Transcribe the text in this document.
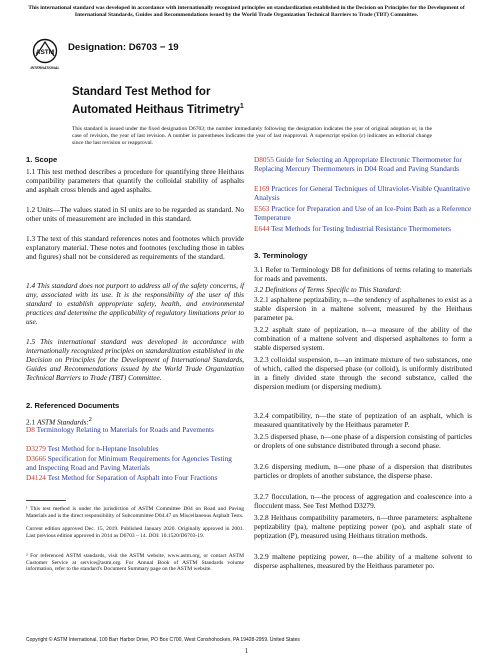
This international standard was developed in accordance with internationally recognized principles on standardization established in the Decision on Principles for the Development of International Standards, Guides and Recommendations issued by the World Trade Organization Technical Barriers to Trade (TBT) Committee.
ASTM
INTERNATIONAL
Designation: D6703 − 19
Standard Test Method for
Automated Heithaus Titrimetry$^1$
This standard is issued under the fixed designation D6703; the number immediately following the designation indicates the year of original adoption or, in the case of revision, the year of last revision. A number in parentheses indicates the year of last reapproval. A superscript epsilon (ε) indicates an editorial change since the last revision or reapproval.
1. Scope
1.1 This test method describes a procedure for quantifying three Heithaus compatibility parameters that quantify the colloidal stability of asphalts and asphalt cross blends and aged asphalts.
1.2 Units—The values stated in SI units are to be regarded as standard. No other units of measurement are included in this standard.
1.3 The text of this standard references notes and footnotes which provide explanatory material. These notes and footnotes (excluding those in tables and figures) shall not be considered as requirements of the standard.
1.4 This standard does not purport to address all of the safety concerns, if any, associated with its use. It is the responsibility of the user of this standard to establish appropriate safety, health, and environmental practices and determine the applicability of regulatory limitations prior to use.
1.5 This international standard was developed in accordance with internationally recognized principles on standardization established in the Decision on Principles for the Development of International Standards, Guides and Recommendations issued by the World Trade Organization Technical Barriers to Trade (TBT) Committee.
2. Referenced Documents
2.1 ASTM Standards:$^2$
D8 Terminology Relating to Materials for Roads and Pavements
D3279 Test Method for n-Heptane Insolubles
D3666 Specification for Minimum Requirements for Agencies Testing and Inspecting Road and Paving Materials
D4124 Test Method for Separation of Asphalt into Four Fractions
¹ This test method is under the jurisdiction of ASTM Committee D04 on Road and Paving Materials and is the direct responsibility of Subcommittee D04.47 on Miscellaneous Asphalt Tests.
Current edition approved Dec. 15, 2019. Published January 2020. Originally approved in 2001. Last previous edition approved in 2014 as D6703 – 14. DOI: 10.1520/D6703-19.
² For referenced ASTM standards, visit the ASTM website, www.astm.org, or contact ASTM Customer Service at service@astm.org. For Annual Book of ASTM Standards volume information, refer to the standard's Document Summary page on the ASTM website.
D8055 Guide for Selecting an Appropriate Electronic Thermometer for Replacing Mercury Thermometers in D04 Road and Paving Standards
E169 Practices for General Techniques of Ultraviolet-Visible Quantitative Analysis
E563 Practice for Preparation and Use of an Ice-Point Bath as a Reference Temperature
E644 Test Methods for Testing Industrial Resistance Thermometers
3. Terminology
3.1 Refer to Terminology D8 for definitions of terms relating to materials for roads and pavements.
3.2 Definitions of Terms Specific to This Standard:
3.2.1 asphaltene peptizability, n—the tendency of asphaltenes to exist as a stable dispersion in a maltene solvent, measured by the Heithaus parameter pa.
3.2.2 asphalt state of peptization, n—a measure of the ability of the combination of a maltene solvent and dispersed asphaltenes to form a stable dispersed system.
3.2.3 colloidal suspension, n—an intimate mixture of two substances, one of which, called the dispersed phase (or colloid), is uniformly distributed in a finely divided state through the second substance, called the dispersion medium (or dispersing medium).
3.2.4 compatibility, n—the state of peptization of an asphalt, which is measured quantitatively by the Heithaus parameter P.
3.2.5 dispersed phase, n—one phase of a dispersion consisting of particles or droplets of one substance distributed through a second phase.
3.2.6 dispersing medium, n—one phase of a dispersion that distributes particles or droplets of another substance, the disperse phase.
3.2.7 flocculation, n—the process of aggregation and coalescence into a flocculent mass. See Test Method D3279.
3.2.8 Heithaus compatibility parameters, n—three parameters: asphaltene peptizability (pa), maltene peptizing power (po), and asphalt state of peptization (P), measured using Heithaus titration methods.
3.2.9 maltene peptizing power, n—the ability of a maltene solvent to disperse asphaltenes, measured by the Heithaus parameter po.
Copyright © ASTM International, 100 Barr Harbor Drive, PO Box C700, West Conshohocken, PA 19428-2959. United States
1
